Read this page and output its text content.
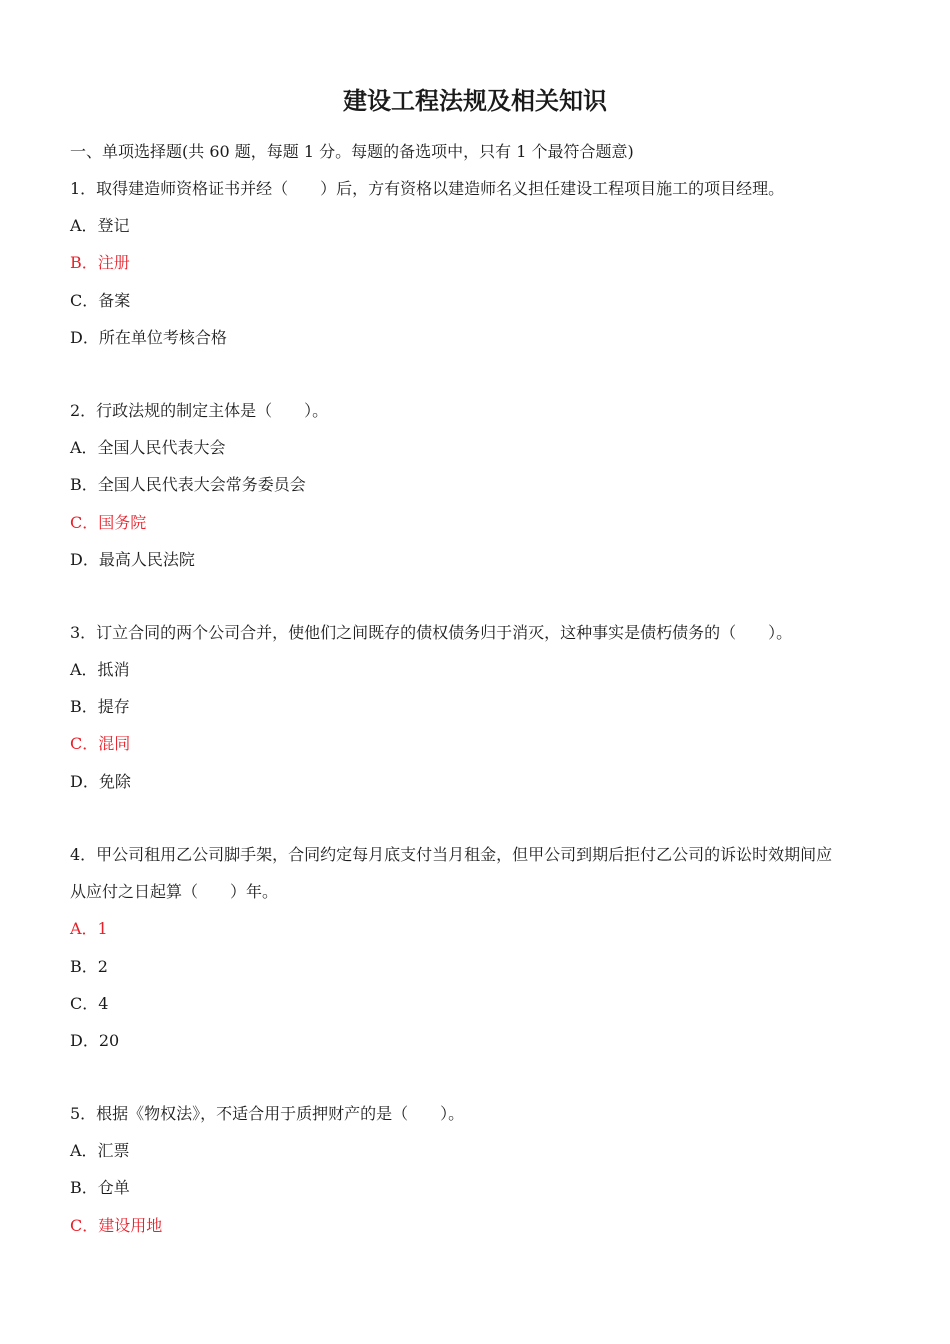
建设工程法规及相关知识
一、单项选择题(共 60 题，每题 1 分。每题的备选项中，只有 1 个最符合题意)
1．取得建造师资格证书并经（　　）后，方有资格以建造师名义担任建设工程项目施工的项目经理。
A．登记
B．注册
C．备案
D．所在单位考核合格
2．行政法规的制定主体是（　　）。
A．全国人民代表大会
B．全国人民代表大会常务委员会
C．国务院
D．最高人民法院
3．订立合同的两个公司合并，使他们之间既存的债权债务归于消灭，这种事实是债朽债务的（　　）。
A．抵消
B．提存
C．混同
D．免除
4．甲公司租用乙公司脚手架，合同约定每月底支付当月租金，但甲公司到期后拒付乙公司的诉讼时效期间应
从应付之日起算（　　）年。
A．1
B．2
C．4
D．20
5．根据《物权法》，不适合用于质押财产的是（　　）。
A．汇票
B．仓单
C．建设用地
